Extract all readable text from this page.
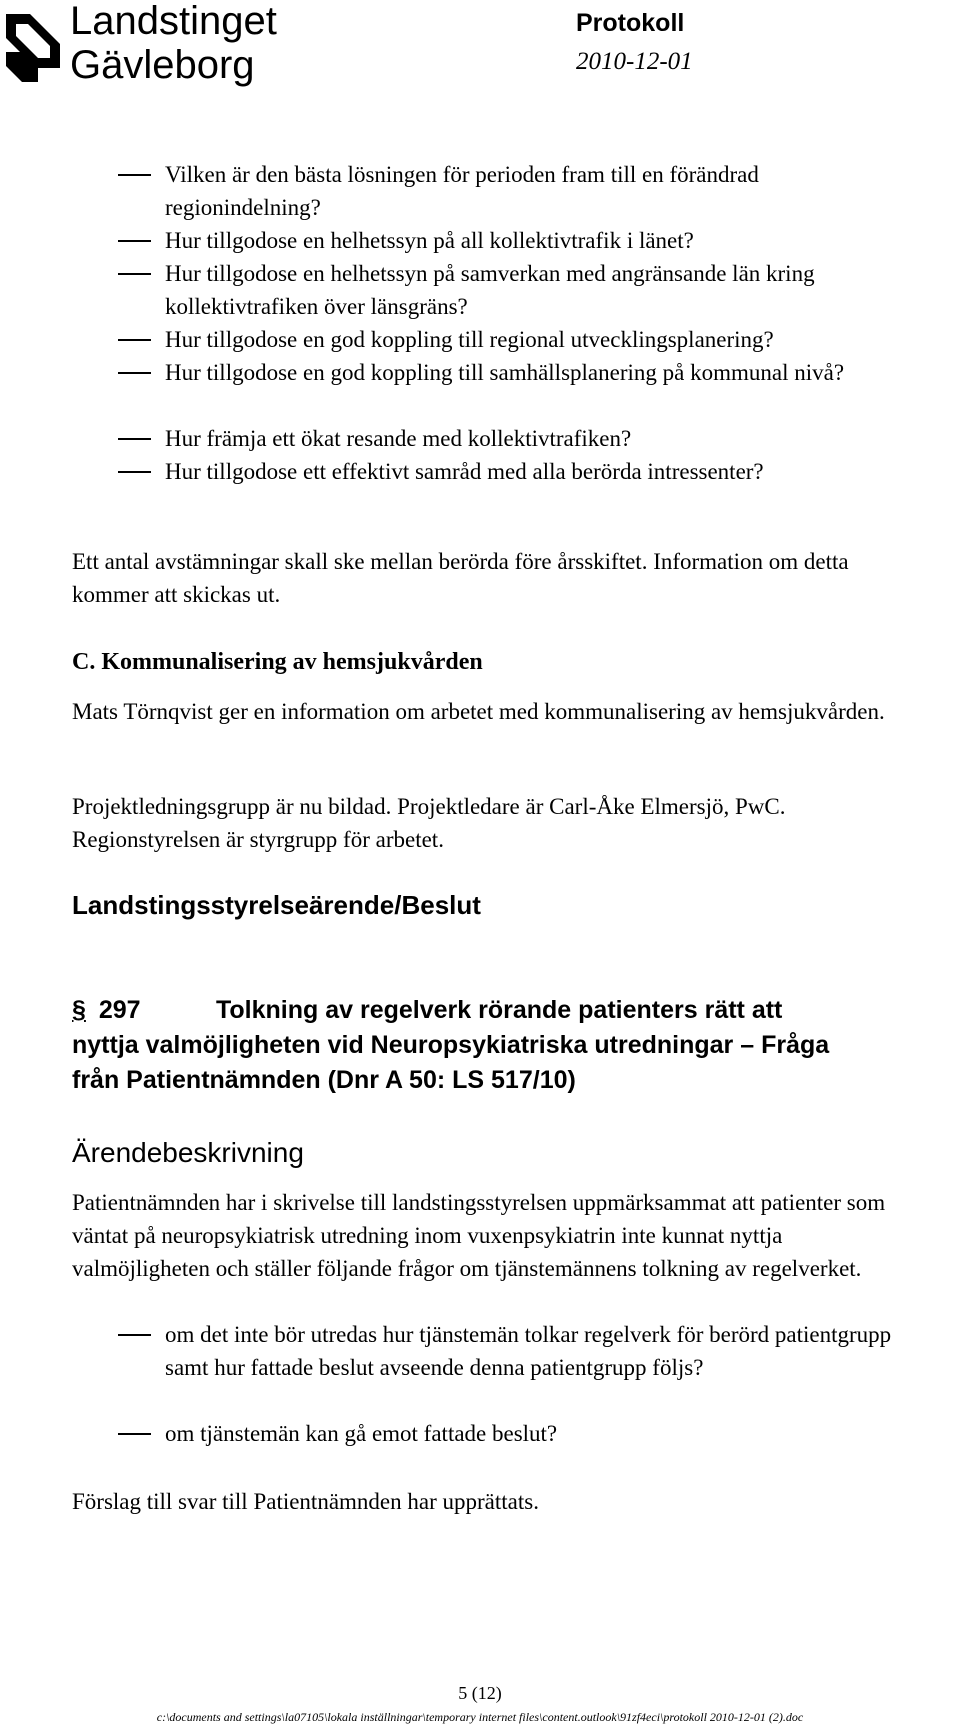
Landstinget
Gävleborg
Protokoll
2010-12-01
Vilken är den bästa lösningen för perioden fram till en förändrad regionindelning?
Hur tillgodose en helhetssyn på all kollektivtrafik i länet?
Hur tillgodose en helhetssyn på samverkan med angränsande län kring kollektivtrafiken över länsgräns?
Hur tillgodose en god koppling till regional utvecklingsplanering?
Hur tillgodose en god koppling till samhällsplanering på kommunal nivå?
Hur främja ett ökat resande med kollektivtrafiken?
Hur tillgodose ett effektivt samråd med alla berörda intressenter?
Ett antal avstämningar skall ske mellan berörda före årsskiftet. Information om detta kommer att skickas ut.
C. Kommunalisering av hemsjukvården
Mats Törnqvist ger en information om arbetet med kommunalisering av hemsjukvården.
Projektledningsgrupp är nu bildad. Projektledare är Carl-Åke Elmersjö, PwC. Regionstyrelsen är styrgrupp för arbetet.
Landstingsstyrelseärende/Beslut
§ 297	Tolkning av regelverk rörande patienters rätt att
nyttja valmöjligheten vid Neuropsykiatriska utredningar – Fråga
från Patientnämnden (Dnr A 50: LS 517/10)
Ärendebeskrivning
Patientnämnden har i skrivelse till landstingsstyrelsen uppmärksammat att patienter som väntat på neuropsykiatrisk utredning inom vuxenpsykiatrin inte kunnat nyttja valmöjligheten och ställer följande frågor om tjänstemännens tolkning av regelverket.
om det inte bör utredas hur tjänstemän tolkar regelverk för berörd patientgrupp samt hur fattade beslut avseende denna patientgrupp följs?
om tjänstemän kan gå emot fattade beslut?
Förslag till svar till Patientnämnden har upprättats.
5 (12)
c:\documents and settings\la07105\lokala inställningar\temporary internet files\content.outlook\91zf4eci\protokoll 2010-12-01 (2).doc
